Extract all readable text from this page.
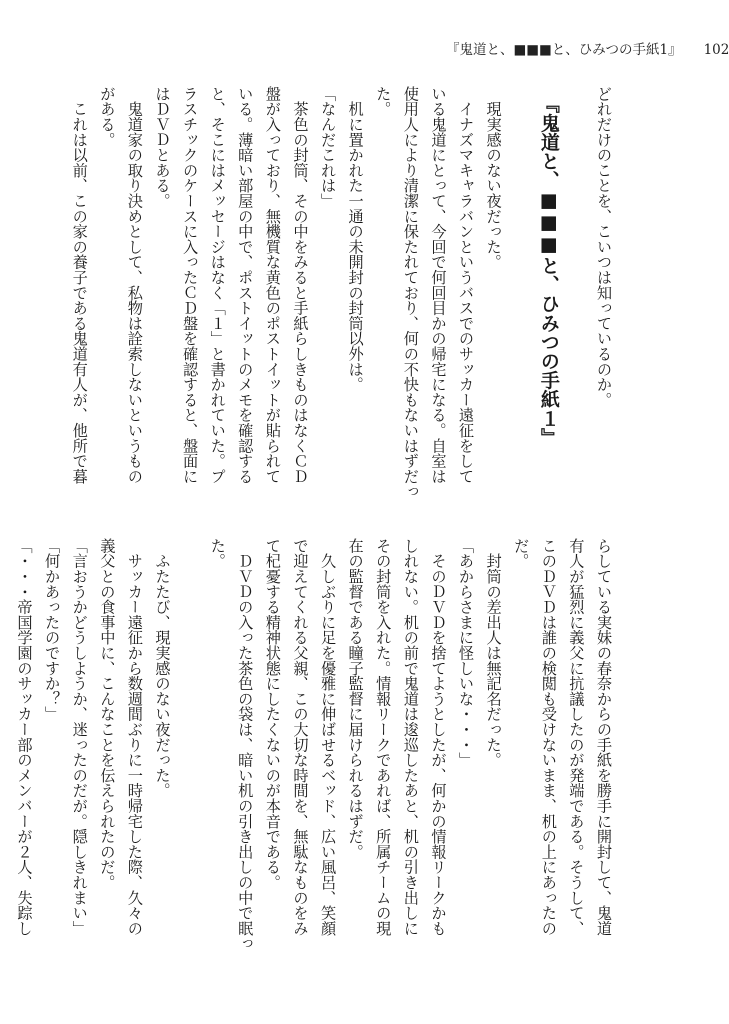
『鬼道と、■■■と、ひみつの手紙1』 102
どれだけのことを、こいつは知っているのか。
『鬼道と、■■■と、ひみつの手紙１』
　現実感のない夜だった。
　イナズマキャラバンというバスでのサッカー遠征をして
いる鬼道にとって、今回で何回目かの帰宅になる。自室は
使用人により清潔に保たれており、何の不快もないはずだっ
た。
　机に置かれた一通の未開封の封筒以外は。
「なんだこれは」
　茶色の封筒、その中をみると手紙らしきものはなくＣＤ
盤が入っており、無機質な黄色のポストイットが貼られて
いる。薄暗い部屋の中で、ポストイットのメモを確認する
と、そこにはメッセージはなく「１」と書かれていた。プ
ラスチックのケースに入ったＣＤ盤を確認すると、盤面に
はＤＶＤとある。
　鬼道家の取り決めとして、私物は詮索しないというもの
がある。
　これは以前、この家の養子である鬼道有人が、他所で暮
らしている実妹の春奈からの手紙を勝手に開封して、鬼道
有人が猛烈に義父に抗議したのが発端である。そうして、
このＤＶＤは誰の検閲も受けないまま、机の上にあったの
だ。
　封筒の差出人は無記名だった。
「あからさまに怪しいな・・・」
　そのＤＶＤを捨てようとしたが、何かの情報リークかも
しれない。机の前で鬼道は逡巡したあと、机の引き出しに
その封筒を入れた。情報リークであれば、所属チームの現
在の監督である瞳子監督に届けられるはずだ。
　久しぶりに足を優雅に伸ばせるベッド、広い風呂、笑顔
で迎えてくれる父親、この大切な時間を、無駄なものをみ
て杞憂する精神状態にしたくないのが本音である。
　ＤＶＤの入った茶色の袋は、暗い机の引き出しの中で眠っ
た。
　ふたたび、現実感のない夜だった。
　サッカー遠征から数週間ぶりに一時帰宅した際、久々の
義父との食事中に、こんなことを伝えられたのだ。
「言おうかどうしようか、迷ったのだが。隠しきれまい」
「何かあったのですか？」
「・・・帝国学園のサッカー部のメンバーが２人、失踪し
